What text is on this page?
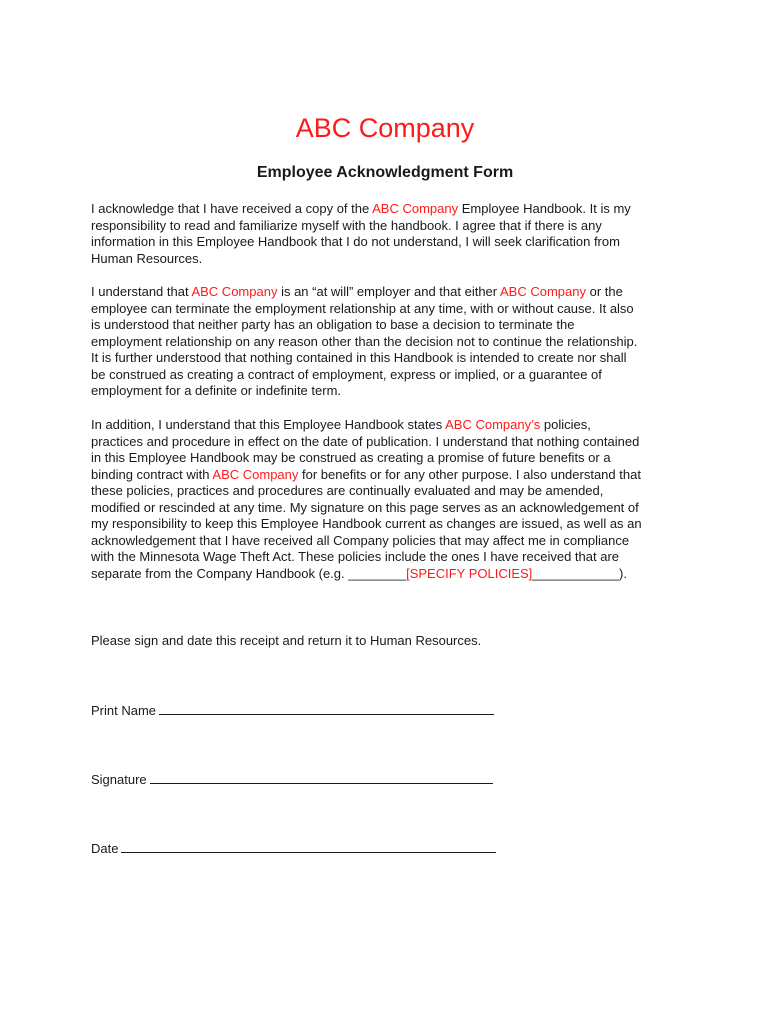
ABC Company
Employee Acknowledgment Form
I acknowledge that I have received a copy of the ABC Company Employee Handbook. It is my
responsibility to read and familiarize myself with the handbook. I agree that if there is any
information in this Employee Handbook that I do not understand, I will seek clarification from
Human Resources.
I understand that ABC Company is an “at will” employer and that either ABC Company or the
employee can terminate the employment relationship at any time, with or without cause. It also
is understood that neither party has an obligation to base a decision to terminate the
employment relationship on any reason other than the decision not to continue the relationship.
It is further understood that nothing contained in this Handbook is intended to create nor shall
be construed as creating a contract of employment, express or implied, or a guarantee of
employment for a definite or indefinite term.
In addition, I understand that this Employee Handbook states ABC Company’s policies,
practices and procedure in effect on the date of publication. I understand that nothing contained
in this Employee Handbook may be construed as creating a promise of future benefits or a
binding contract with ABC Company for benefits or for any other purpose. I also understand that
these policies, practices and procedures are continually evaluated and may be amended,
modified or rescinded at any time. My signature on this page serves as an acknowledgement of
my responsibility to keep this Employee Handbook current as changes are issued, as well as an
acknowledgement that I have received all Company policies that may affect me in compliance
with the Minnesota Wage Theft Act. These policies include the ones I have received that are
separate from the Company Handbook (e.g. ________[SPECIFY POLICIES]____________).
Please sign and date this receipt and return it to Human Resources.
Print Name
Signature
Date
